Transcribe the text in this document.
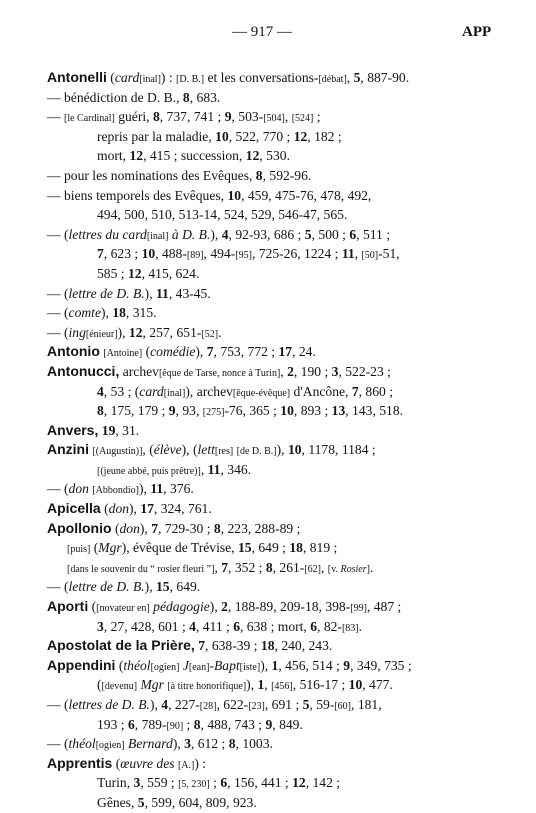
— 917 —	APP
Antonelli (card[inal]) : [D. B.] et les conversations-[débat], 5, 887-90.
— bénédiction de D. B., 8, 683.
— [le Cardinal] guéri, 8, 737, 741 ; 9, 503-[504], [524] ;
repris par la maladie, 10, 522, 770 ; 12, 182 ;
mort, 12, 415 ; succession, 12, 530.
— pour les nominations des Evêques, 8, 592-96.
— biens temporels des Evêques, 10, 459, 475-76, 478, 492,
494, 500, 510, 513-14, 524, 529, 546-47, 565.
— (lettres du card[inal] à D. B.), 4, 92-93, 686 ; 5, 500 ; 6, 511 ;
7, 623 ; 10, 488-[89], 494-[95], 725-26, 1224 ; 11, [50]-51,
585 ; 12, 415, 624.
— (lettre de D. B.), 11, 43-45.
— (comte), 18, 315.
— (ing[énieur]), 12, 257, 651-[52].
Antonio [Antoine] (comédie), 7, 753, 772 ; 17, 24.
Antonucci, archev[êque de Tarse, nonce à Turin], 2, 190 ; 3, 522-23 ;
4, 53 ; (card[inal]), archev[êque-évêque] d'Ancône, 7, 860 ;
8, 175, 179 ; 9, 93, [275]-76, 365 ; 10, 893 ; 13, 143, 518.
Anvers, 19, 31.
Anzini [(Augustin)], (élève), (lett[res] [de D. B.]), 10, 1178, 1184 ;
[(jeune abbé, puis prêtre)], 11, 346.
— (don [Abbondio]), 11, 376.
Apicella (don), 17, 324, 761.
Apollonio (don), 7, 729-30 ; 8, 223, 288-89 ;
[puis] (Mgr), évêque de Trévise, 15, 649 ; 18, 819 ;
[dans le souvenir du “ rosier fleuri ”], 7, 352 ; 8, 261-[62], [v. Rosier].
— (lettre de D. B.), 15, 649.
Aporti ([novateur en] pédagogie), 2, 188-89, 209-18, 398-[99], 487 ;
3, 27, 428, 601 ; 4, 411 ; 6, 638 ; mort, 6, 82-[83].
Apostolat de la Prière, 7, 638-39 ; 18, 240, 243.
Appendini (théol[ogien] J[ean]-Bapt[iste]), 1, 456, 514 ; 9, 349, 735 ;
([devenu] Mgr [à titre honorifique]), 1, [456], 516-17 ; 10, 477.
— (lettres de D. B.), 4, 227-[28], 622-[23], 691 ; 5, 59-[60], 181,
193 ; 6, 789-[90] ; 8, 488, 743 ; 9, 849.
— (théol[ogien] Bernard), 3, 612 ; 8, 1003.
Apprentis (œuvre des [A.]) :
Turin, 3, 559 ; [5, 230] ; 6, 156, 441 ; 12, 142 ;
Gênes, 5, 599, 604, 809, 923.
